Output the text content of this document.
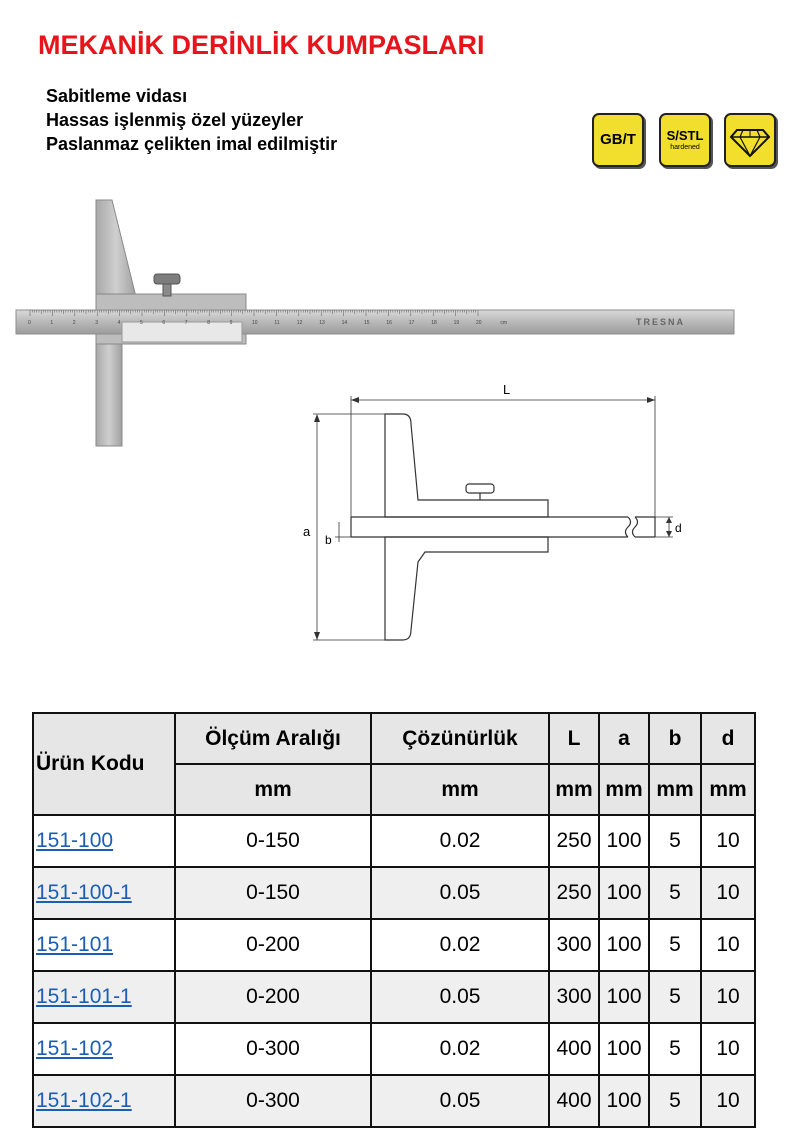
MEKANİK DERİNLİK KUMPASLARI
Sabitleme vidası
Hassas işlenmiş özel yüzeyler
Paslanmaz çelikten imal edilmiştir	GB/T S/STL
hardened
0	1	2	3	4	5	6	7	8	9	10	11	12	13	14	15	16	17	18	19	20	cm	TRESNA
L
a
b
d
Ürün Kodu	Ölçüm Aralığı	Çözünürlük	L	a	b	d
	mm	mm	mm	mm	mm	mm
151-100	0-150	0.02	250	100	5	10
151-100-1	0-150	0.05	250	100	5	10
151-101	0-200	0.02	300	100	5	10
151-101-1	0-200	0.05	300	100	5	10
151-102	0-300	0.02	400	100	5	10
151-102-1	0-300	0.05	400	100	5	10
